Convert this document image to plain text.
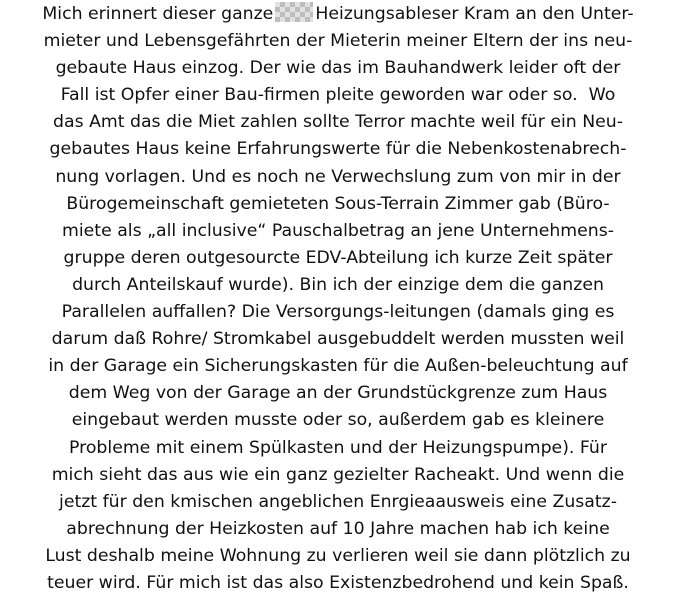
Mich erinnert dieser ganze Heizungsableser Kram an den Unter-
mieter und Lebensgefährten der Mieterin meiner Eltern der ins neu-
gebaute Haus einzog. Der wie das im Bauhandwerk leider oft der
Fall ist Opfer einer Bau-firmen pleite geworden war oder so.  Wo
das Amt das die Miet zahlen sollte Terror machte weil für ein Neu-
gebautes Haus keine Erfahrungswerte für die Nebenkostenabrech-
nung vorlagen. Und es noch ne Verwechslung zum von mir in der
Bürogemeinschaft gemieteten Sous-Terrain Zimmer gab (Büro-
miete als „all inclusive“ Pauschalbetrag an jene Unternehmens-
gruppe deren outgesourcte EDV-Abteilung ich kurze Zeit später
durch Anteilskauf wurde). Bin ich der einzige dem die ganzen
Parallelen auffallen? Die Versorgungs-leitungen (damals ging es
darum daß Rohre/ Stromkabel ausgebuddelt werden mussten weil
in der Garage ein Sicherungskasten für die Außen-beleuchtung auf
dem Weg von der Garage an der Grundstückgrenze zum Haus
eingebaut werden musste oder so, außerdem gab es kleinere
Probleme mit einem Spülkasten und der Heizungspumpe). Für
mich sieht das aus wie ein ganz gezielter Racheakt. Und wenn die
jetzt für den kmischen angeblichen Enrgieaausweis eine Zusatz-
abrechnung der Heizkosten auf 10 Jahre machen hab ich keine
Lust deshalb meine Wohnung zu verlieren weil sie dann plötzlich zu
teuer wird. Für mich ist das also Existenzbedrohend und kein Spaß.
